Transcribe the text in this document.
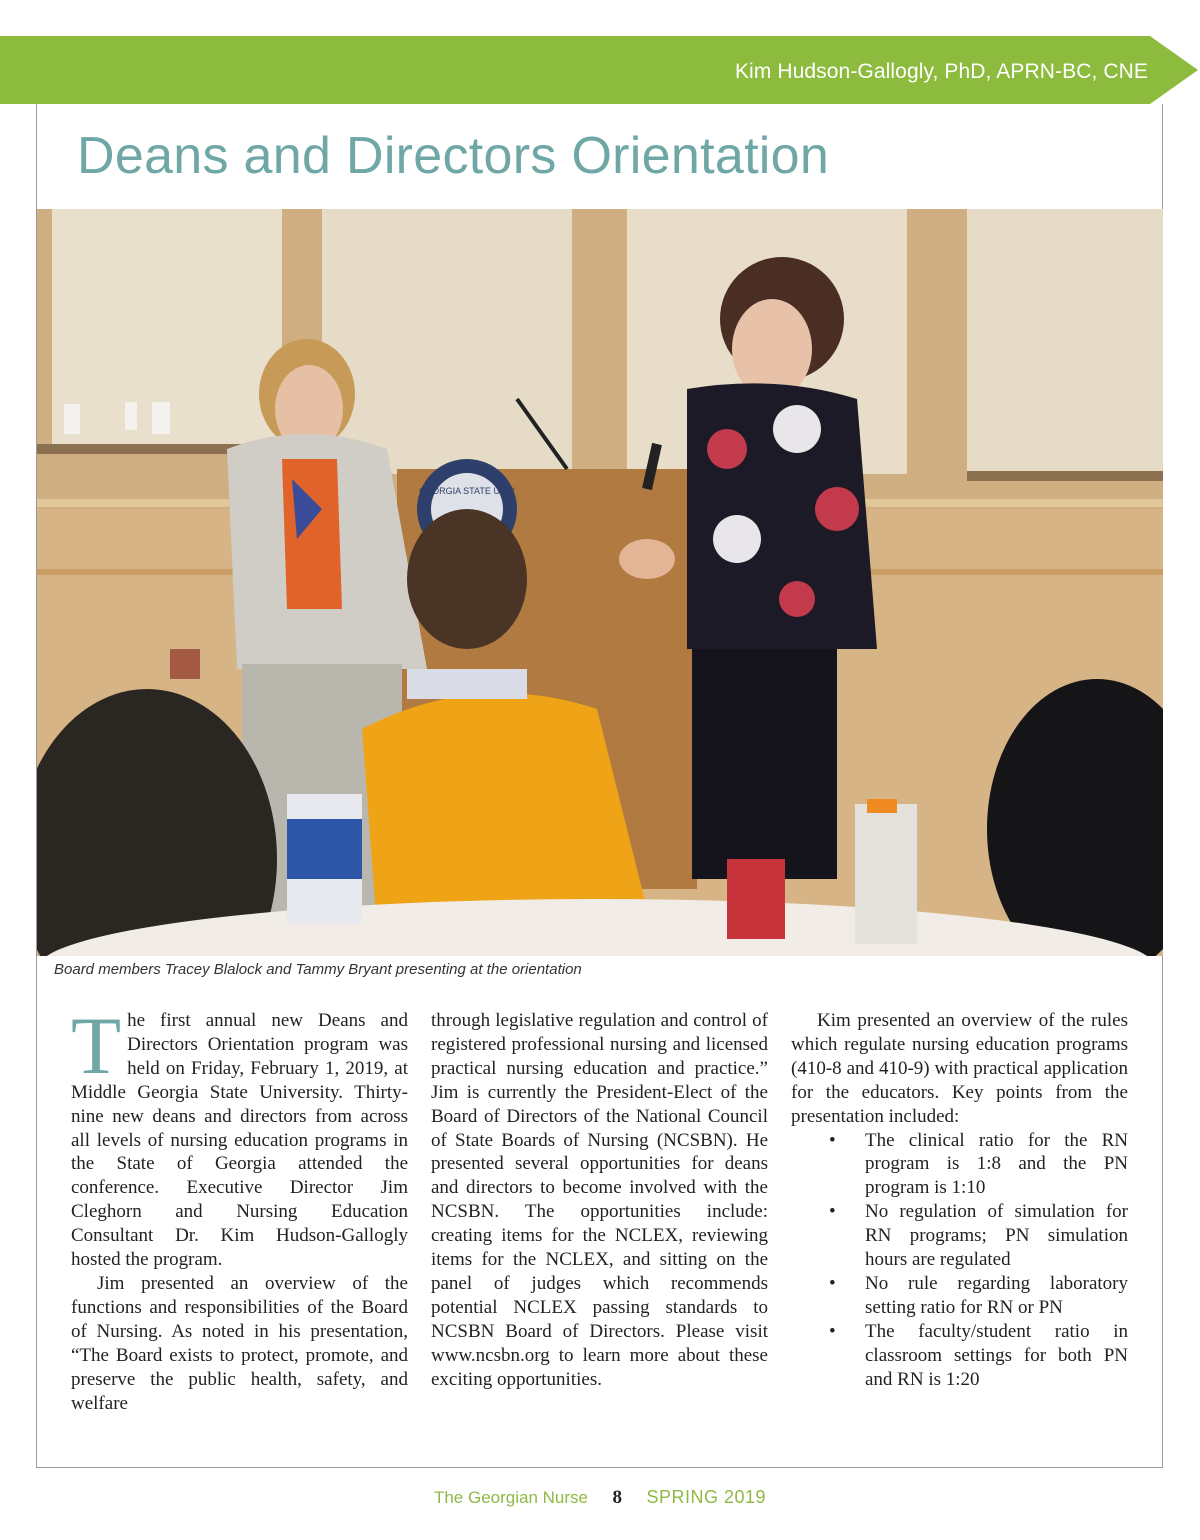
Kim Hudson-Gallogly, PhD, APRN-BC, CNE
Deans and Directors Orientation
GEORGIA STATE UNIV
Board members Tracey Blalock and Tammy Bryant presenting at the orientation

The first annual new Deans and Directors Orientation program was held on Friday, February 1, 2019, at Middle Georgia State University. Thirty-nine new deans and directors from across all levels of nursing education programs in the State of Georgia attended the conference. Executive Director Jim Cleghorn and Nursing Education Consultant Dr. Kim Hudson-Gallogly hosted the program.

Jim presented an overview of the functions and responsibilities of the Board of Nursing. As noted in his presentation, “The Board exists to protect, promote, and preserve the public health, safety, and welfare

through legislative regulation and control of registered professional nursing and licensed practical nursing education and practice.” Jim is currently the President-Elect of the Board of Directors of the National Council of State Boards of Nursing (NCSBN). He presented several opportunities for deans and directors to become involved with the NCSBN. The opportunities include: creating items for the NCLEX, reviewing items for the NCLEX, and sitting on the panel of judges which recommends potential NCLEX passing standards to NCSBN Board of Directors. Please visit www.ncsbn.org to learn more about these exciting opportunities.

Kim presented an overview of the rules which regulate nursing education programs (410-8 and 410-9) with practical application for the educators. Key points from the presentation included:

• The clinical ratio for the RN program is 1:8 and the PN program is 1:10
• No regulation of simulation for RN programs; PN simulation hours are regulated
• No rule regarding laboratory setting ratio for RN or PN
• The faculty/student ratio in classroom settings for both PN and RN is 1:20
The Georgian Nurse 8 SPRING 2019
